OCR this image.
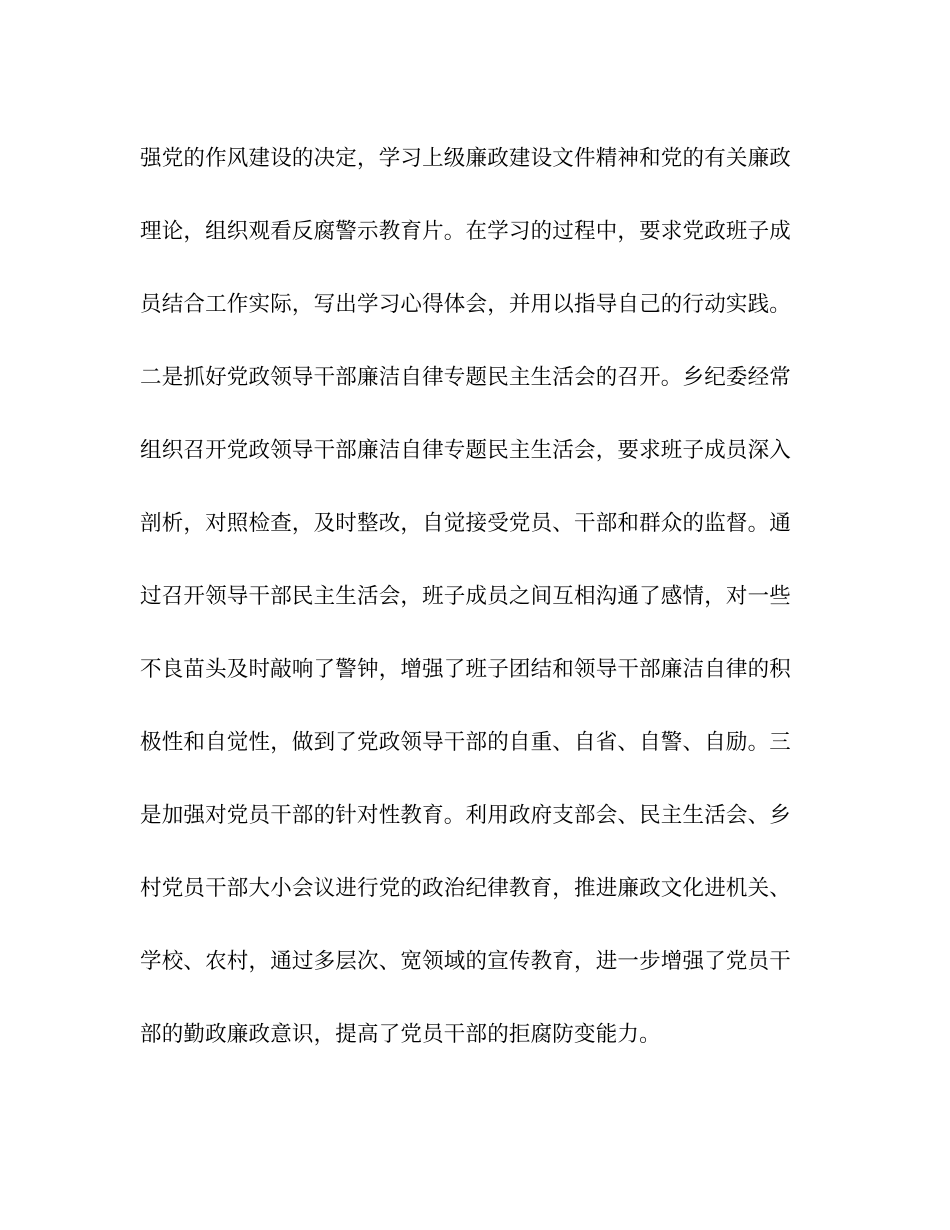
强党的作风建设的决定，学习上级廉政建设文件精神和党的有关廉政
理论，组织观看反腐警示教育片。在学习的过程中，要求党政班子成
员结合工作实际，写出学习心得体会，并用以指导自己的行动实践。
二是抓好党政领导干部廉洁自律专题民主生活会的召开。乡纪委经常
组织召开党政领导干部廉洁自律专题民主生活会，要求班子成员深入
剖析，对照检查，及时整改，自觉接受党员、干部和群众的监督。通
过召开领导干部民主生活会，班子成员之间互相沟通了感情，对一些
不良苗头及时敲响了警钟，增强了班子团结和领导干部廉洁自律的积
极性和自觉性，做到了党政领导干部的自重、自省、自警、自励。三
是加强对党员干部的针对性教育。利用政府支部会、民主生活会、乡
村党员干部大小会议进行党的政治纪律教育，推进廉政文化进机关、
学校、农村，通过多层次、宽领域的宣传教育，进一步增强了党员干
部的勤政廉政意识，提高了党员干部的拒腐防变能力。
